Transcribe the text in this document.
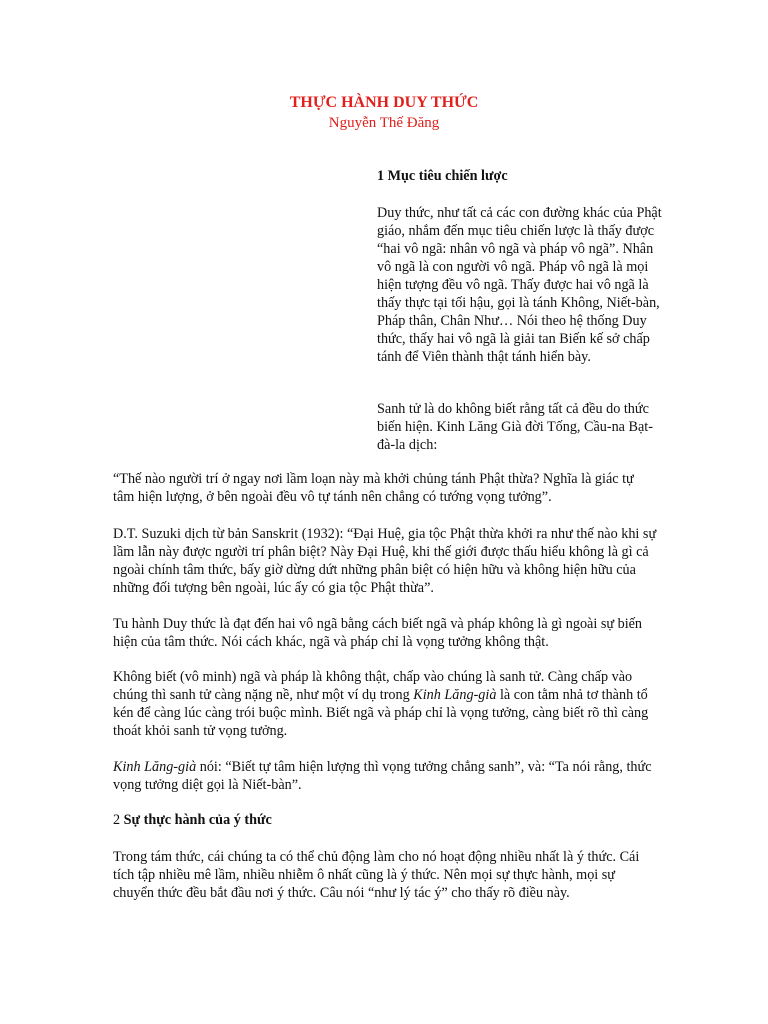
THỰC HÀNH DUY THỨC
Nguyễn Thế Đăng

1 Mục tiêu chiến lược

Duy thức, như tất cả các con đường khác của Phật giáo, nhắm đến mục tiêu chiến lược là thấy được “hai vô ngã: nhân vô ngã và pháp vô ngã”. Nhân vô ngã là con người vô ngã. Pháp vô ngã là mọi hiện tượng đều vô ngã. Thấy được hai vô ngã là thấy thực tại tối hậu, gọi là tánh Không, Niết-bàn, Pháp thân, Chân Như… Nói theo hệ thống Duy thức, thấy hai vô ngã là giải tan Biến kế sở chấp tánh để Viên thành thật tánh hiển bày.

Sanh tử là do không biết rằng tất cả đều do thức biến hiện. Kinh Lăng Già đời Tống, Cầu-na Bạt-đà-la dịch:

“Thế nào người trí ở ngay nơi lầm loạn này mà khởi chủng tánh Phật thừa? Nghĩa là giác tự tâm hiện lượng, ở bên ngoài đều vô tự tánh nên chẳng có tướng vọng tưởng”.

D.T. Suzuki dịch từ bản Sanskrit (1932): “Đại Huệ, gia tộc Phật thừa khởi ra như thế nào khi sự lầm lẫn này được người trí phân biệt? Này Đại Huệ, khi thế giới được thấu hiểu không là gì cả ngoài chính tâm thức, bấy giờ dừng dứt những phân biệt có hiện hữu và không hiện hữu của những đối tượng bên ngoài, lúc ấy có gia tộc Phật thừa”.

Tu hành Duy thức là đạt đến hai vô ngã bằng cách biết ngã và pháp không là gì ngoài sự biến hiện của tâm thức. Nói cách khác, ngã và pháp chỉ là vọng tưởng không thật.

Không biết (vô minh) ngã và pháp là không thật, chấp vào chúng là sanh tử. Càng chấp vào chúng thì sanh tử càng nặng nề, như một ví dụ trong Kinh Lăng-già là con tằm nhả tơ thành tổ kén để càng lúc càng trói buộc mình. Biết ngã và pháp chỉ là vọng tưởng, càng biết rõ thì càng thoát khỏi sanh tử vọng tưởng.

Kinh Lăng-già nói: “Biết tự tâm hiện lượng thì vọng tưởng chẳng sanh”, và: “Ta nói rằng, thức vọng tưởng diệt gọi là Niết-bàn”.

2 Sự thực hành của ý thức

Trong tám thức, cái chúng ta có thể chủ động làm cho nó hoạt động nhiều nhất là ý thức. Cái tích tập nhiều mê lầm, nhiều nhiễm ô nhất cũng là ý thức. Nên mọi sự thực hành, mọi sự chuyển thức đều bắt đầu nơi ý thức. Câu nói “như lý tác ý” cho thấy rõ điều này.
